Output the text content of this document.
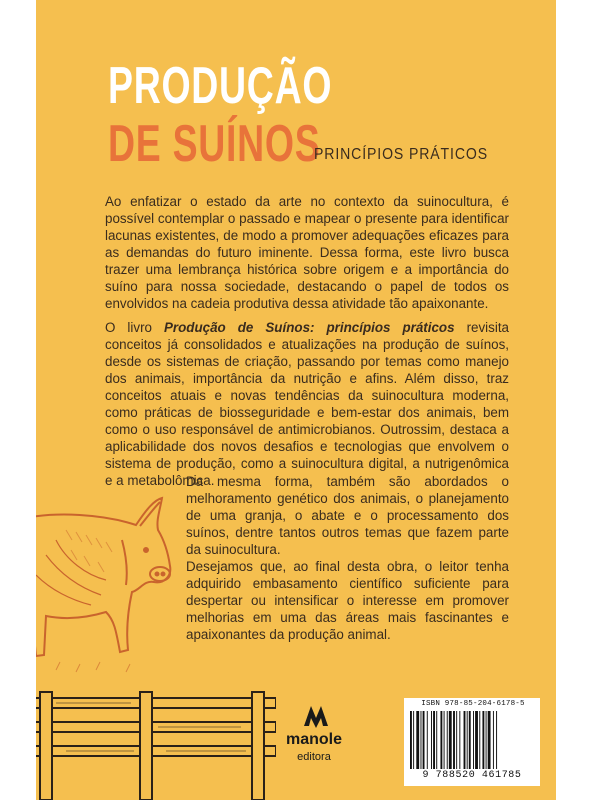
PRODUÇÃO
DE SUÍNOS
PRINCÍPIOS PRÁTICOS

Ao enfatizar o estado da arte no contexto da suinocultura, é possível contemplar o passado e mapear o presente para identificar lacunas existentes, de modo a promover adequações eficazes para as demandas do futuro iminente. Dessa forma, este livro busca trazer uma lembrança histórica sobre origem e a importância do suíno para nossa sociedade, destacando o papel de todos os envolvidos na cadeia produtiva dessa atividade tão apaixonante.

O livro Produção de Suínos: princípios práticos revisita conceitos já consolidados e atualizações na produção de suínos, desde os sistemas de criação, passando por temas como manejo dos animais, importância da nutrição e afins. Além disso, traz conceitos atuais e novas tendências da suinocultura moderna, como práticas de biosseguridade e bem-estar dos animais, bem como o uso responsável de antimicrobianos. Outrossim, destaca a aplicabilidade dos novos desafios e tecnologias que envolvem o sistema de produção, como a suinocultura digital, a nutrigenômica e a metabolômica.

Da mesma forma, também são abordados o melhoramento genético dos animais, o planejamento de uma granja, o abate e o processamento dos suínos, dentre tantos outros temas que fazem parte da suinocultura.

Desejamos que, ao final desta obra, o leitor tenha adquirido embasamento científico suficiente para despertar ou intensificar o interesse em promover melhorias em uma das áreas mais fascinantes e apaixonantes da produção animal.

manole
editora
ISBN 978-85-204-6178-5
9 788520 461785
